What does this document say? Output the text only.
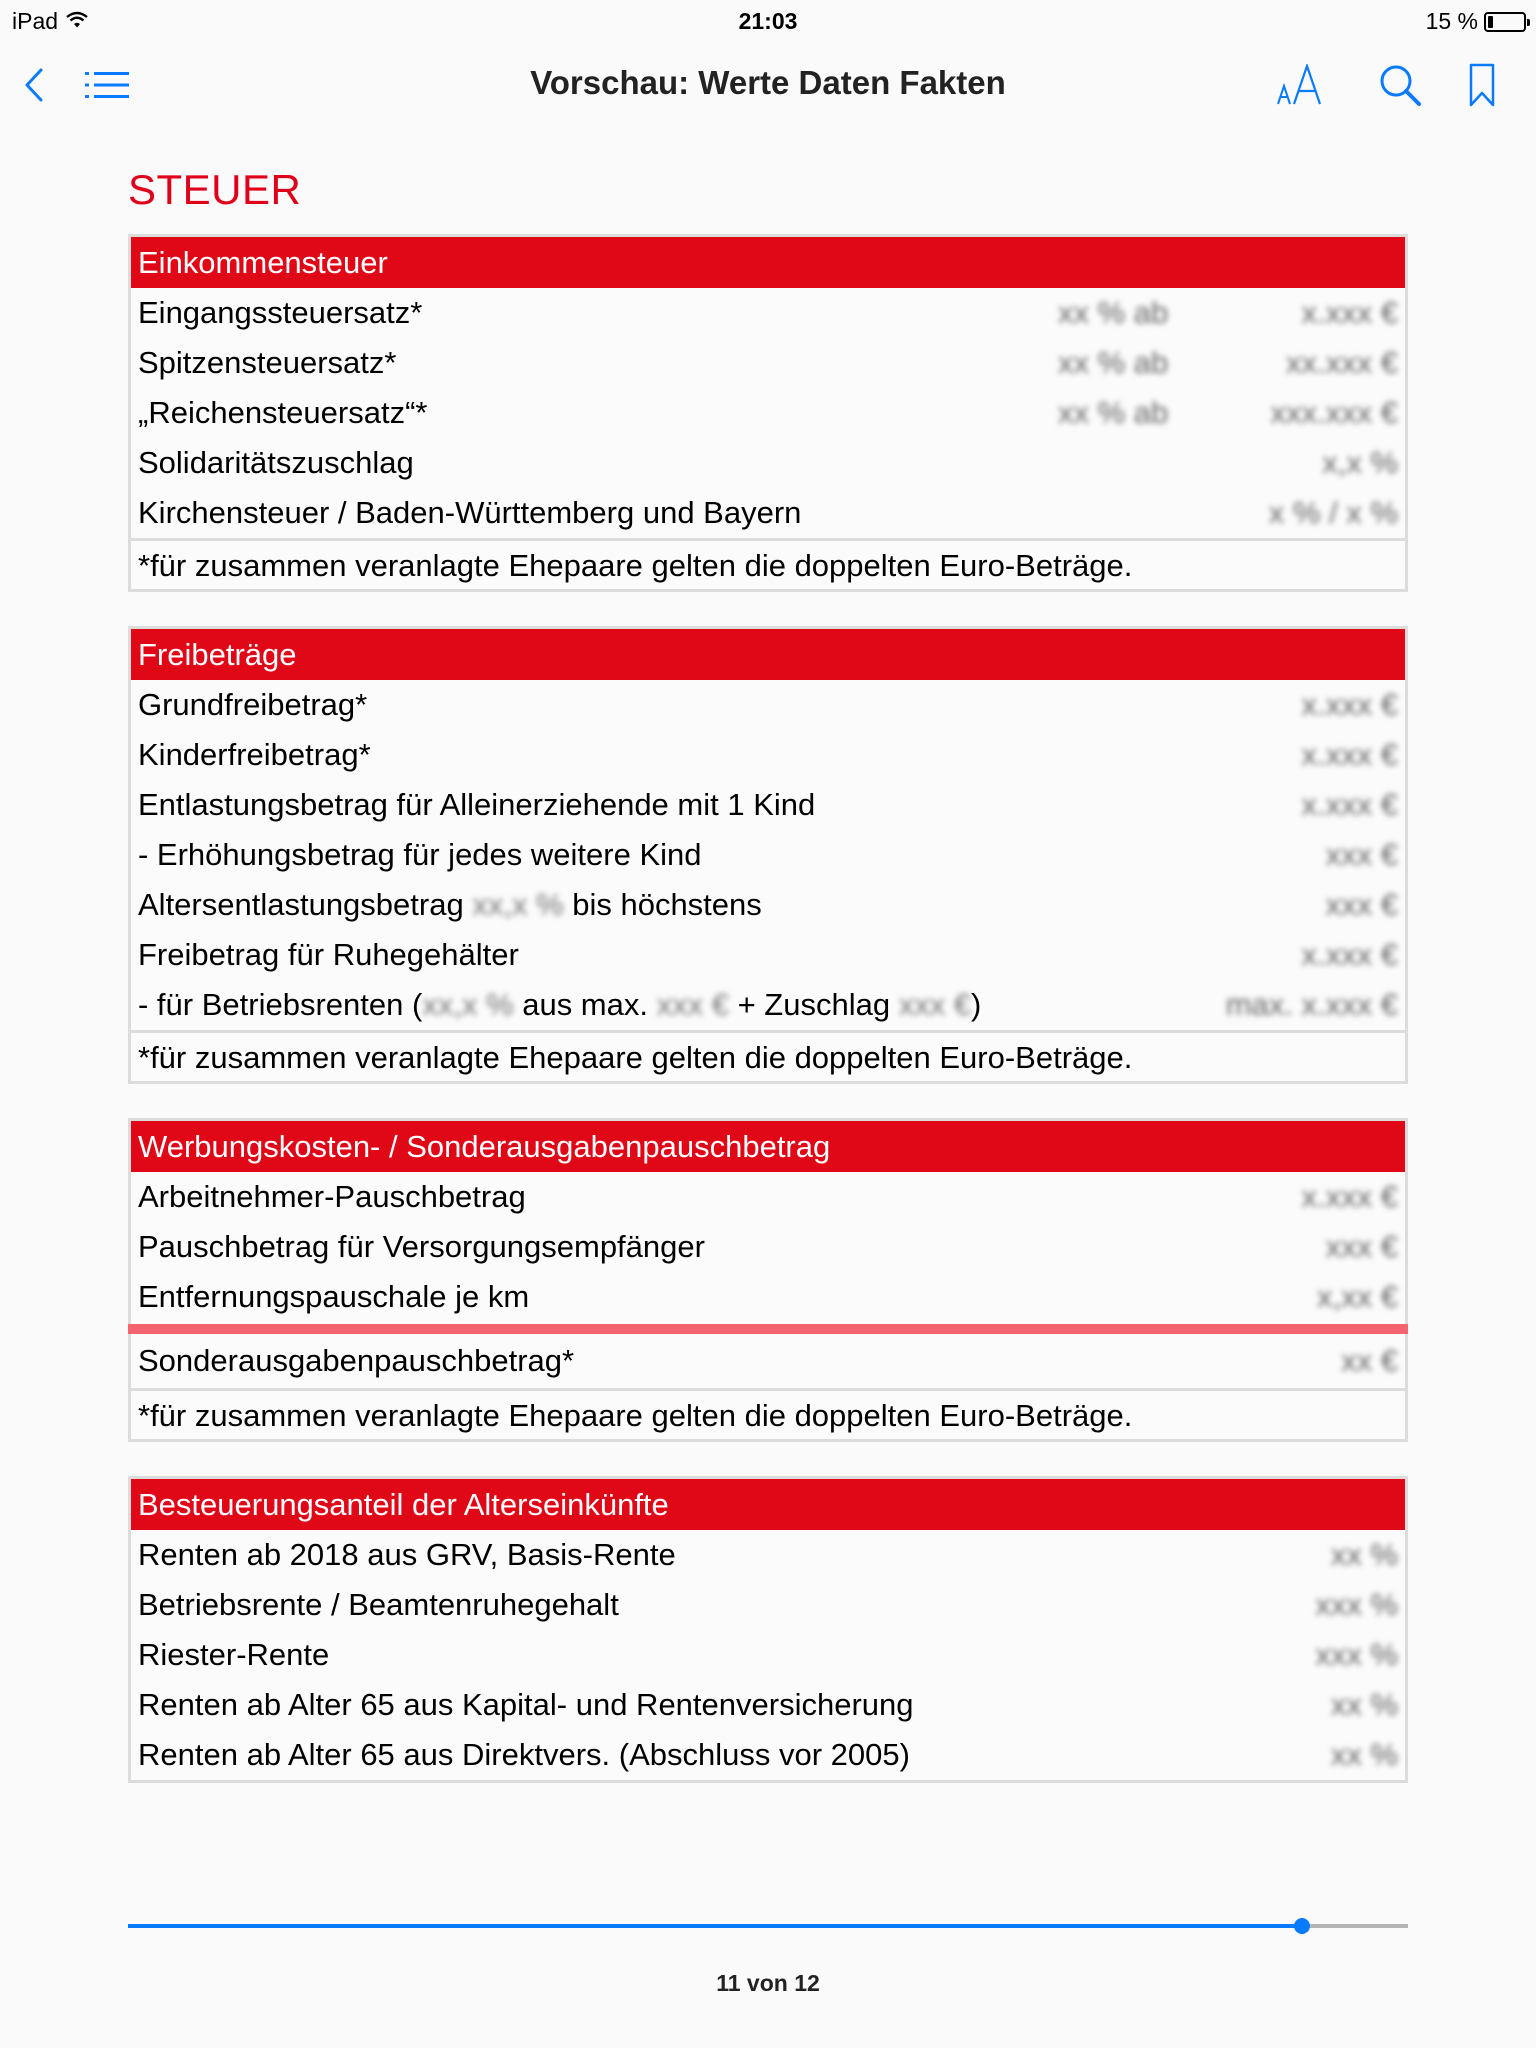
iPad	21:03	15 %
Vorschau: Werte Daten Fakten
STEUER
Einkommensteuer
Eingangssteuersatz*	xx % ab	x.xxx €
Spitzensteuersatz*	xx % ab	xx.xxx €
„Reichensteuersatz“*	xx % ab	xxx.xxx €
Solidaritätszuschlag	x,x %
Kirchensteuer / Baden-Württemberg und Bayern	x % / x %
*für zusammen veranlagte Ehepaare gelten die doppelten Euro-Beträge.
Freibeträge
Grundfreibetrag*	x.xxx €
Kinderfreibetrag*	x.xxx €
Entlastungsbetrag für Alleinerziehende mit 1 Kind	x.xxx €
- Erhöhungsbetrag für jedes weitere Kind	xxx €
Altersentlastungsbetrag xx,x % bis höchstens	xxx €
Freibetrag für Ruhegehälter	x.xxx €
- für Betriebsrenten (xx,x % aus max. xxx € + Zuschlag xxx €)	max. x.xxx €
*für zusammen veranlagte Ehepaare gelten die doppelten Euro-Beträge.
Werbungskosten- / Sonderausgabenpauschbetrag
Arbeitnehmer-Pauschbetrag	x.xxx €
Pauschbetrag für Versorgungsempfänger	xxx €
Entfernungspauschale je km	x,xx €
Sonderausgabenpauschbetrag*	xx €
*für zusammen veranlagte Ehepaare gelten die doppelten Euro-Beträge.
Besteuerungsanteil der Alterseinkünfte
Renten ab 2018 aus GRV, Basis-Rente	xx %
Betriebsrente / Beamtenruhegehalt	xxx %
Riester-Rente	xxx %
Renten ab Alter 65 aus Kapital- und Rentenversicherung	xx %
Renten ab Alter 65 aus Direktvers. (Abschluss vor 2005)	xx %
11 von 12
